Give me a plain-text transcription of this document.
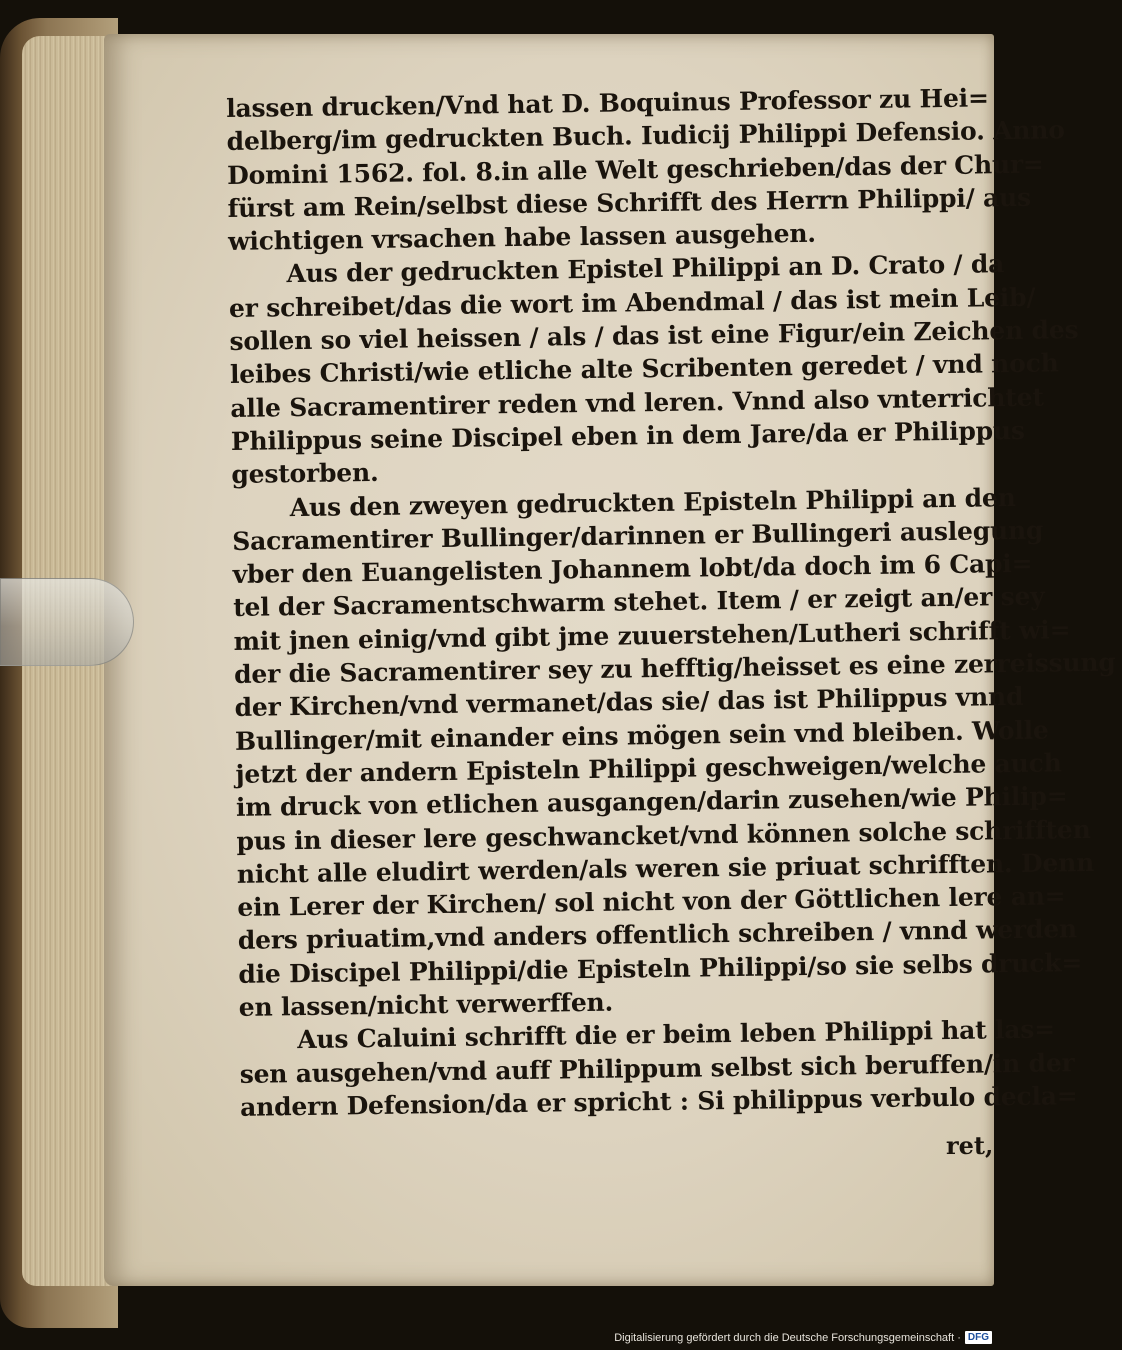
lassen drucken/Vnd hat D. Boquinus Professor zu Hei=
delberg/im gedruckten Buch. Iudicij Philippi Defensio. Anno
Domini 1562. fol. 8.in alle Welt geschrieben/das der Chur=
fürst am Rein/selbst diese Schrifft des Herrn Philippi/ aus
wichtigen vrsachen habe lassen ausgehen.
Aus der gedruckten Epistel Philippi an D. Crato / da
er schreibet/das die wort im Abendmal / das ist mein Leib/
sollen so viel heissen / als / das ist eine Figur/ein Zeichen des
leibes Christi/wie etliche alte Scribenten geredet / vnd noch
alle Sacramentirer reden vnd leren. Vnnd also vnterrichtet
Philippus seine Discipel eben in dem Jare/da er Philippus
gestorben.
Aus den zweyen gedruckten Episteln Philippi an den
Sacramentirer Bullinger/darinnen er Bullingeri auslegung
vber den Euangelisten Johannem lobt/da doch im 6 Capi=
tel der Sacramentschwarm stehet. Item / er zeigt an/er sey
mit jnen einig/vnd gibt jme zuuerstehen/Lutheri schrifft wi=
der die Sacramentirer sey zu hefftig/heisset es eine zerreissung
der Kirchen/vnd vermanet/das sie/ das ist Philippus vnnd
Bullinger/mit einander eins mögen sein vnd bleiben. Wolle
jetzt der andern Episteln Philippi geschweigen/welche auch
im druck von etlichen ausgangen/darin zusehen/wie Philip=
pus in dieser lere geschwancket/vnd können solche schrifften
nicht alle eludirt werden/als weren sie priuat schrifften. Denn
ein Lerer der Kirchen/ sol nicht von der Göttlichen lere an=
ders priuatim,vnd anders offentlich schreiben / vnnd werden
die Discipel Philippi/die Episteln Philippi/so sie selbs druck=
en lassen/nicht verwerffen.
Aus Caluini schrifft die er beim leben Philippi hat las=
sen ausgehen/vnd auff Philippum selbst sich beruffen/in der
andern Defension/da er spricht : Si philippus verbulo decla=
ret,
Digitalisierung gefördert durch die Deutsche Forschungsgemeinschaft · DFG
